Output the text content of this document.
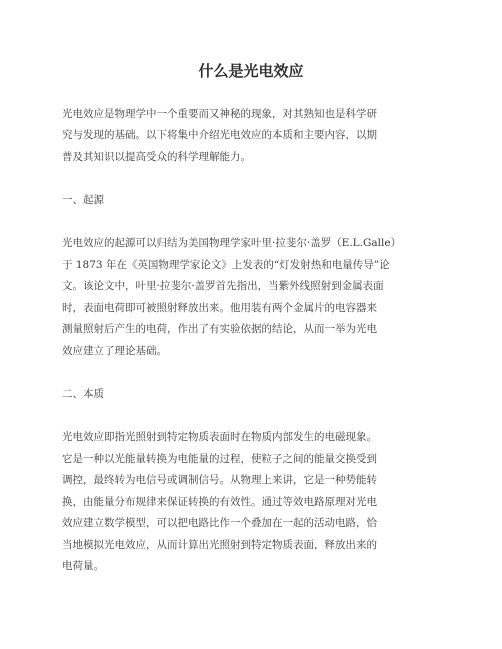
什么是光电效应
光电效应是物理学中一个重要而又神秘的现象，对其熟知也是科学研
究与发现的基础。以下将集中介绍光电效应的本质和主要内容，以期
普及其知识以提高受众的科学理解能力。
一、起源
光电效应的起源可以归结为美国物理学家叶里·拉斐尔·盖罗（E.L.Galle）
于 1873 年在《英国物理学家论文》上发表的“灯发射热和电量传导”论
文。该论文中，叶里·拉斐尔·盖罗首先指出，当紫外线照射到金属表面
时，表面电荷即可被照射释放出来。他用装有两个金属片的电容器来
测量照射后产生的电荷，作出了有实验依据的结论，从而一举为光电
效应建立了理论基础。
二、本质
光电效应即指光照射到特定物质表面时在物质内部发生的电磁现象。
它是一种以光能量转换为电能量的过程，使粒子之间的能量交换受到
调控，最终转为电信号或调制信号。从物理上来讲，它是一种势能转
换，由能量分布规律来保证转换的有效性。通过等效电路原理对光电
效应建立数学模型，可以把电路比作一个叠加在一起的活动电路，恰
当地模拟光电效应，从而计算出光照射到特定物质表面，释放出来的
电荷量。
